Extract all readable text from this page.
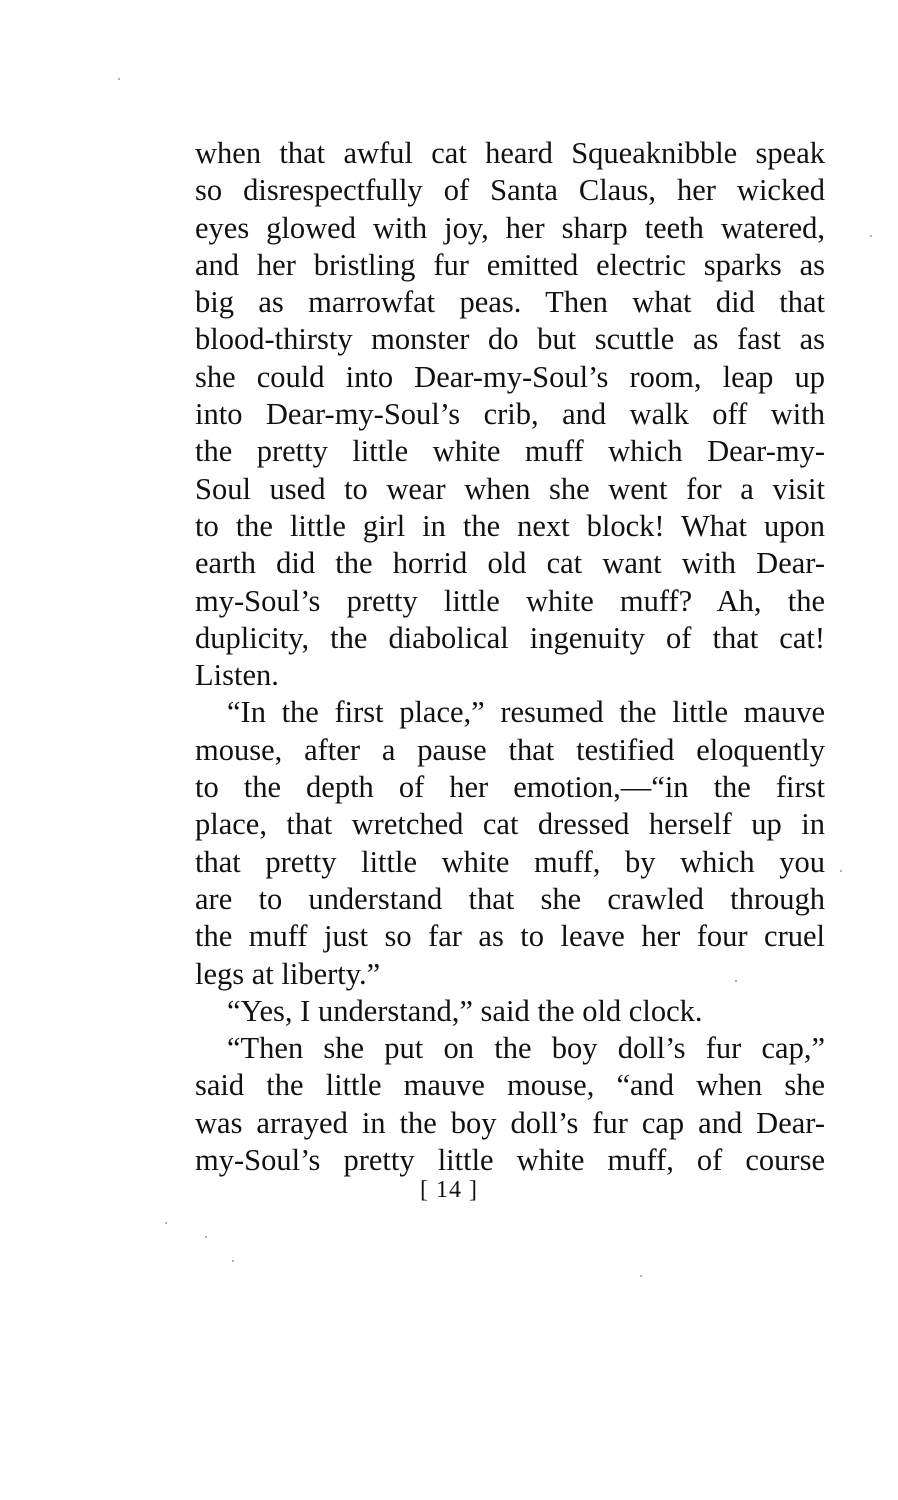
when that awful cat heard Squeaknibble speak
so disrespectfully of Santa Claus, her wicked
eyes glowed with joy, her sharp teeth watered,
and her bristling fur emitted electric sparks as
big as marrowfat peas. Then what did that
blood-thirsty monster do but scuttle as fast as
she could into Dear-my-Soul’s room, leap up
into Dear-my-Soul’s crib, and walk off with
the pretty little white muff which Dear-my-
Soul used to wear when she went for a visit
to the little girl in the next block! What upon
earth did the horrid old cat want with Dear-
my-Soul’s pretty little white muff? Ah, the
duplicity, the diabolical ingenuity of that cat!
Listen.
“In the first place,” resumed the little mauve
mouse, after a pause that testified eloquently
to the depth of her emotion,—“in the first
place, that wretched cat dressed herself up in
that pretty little white muff, by which you
are to understand that she crawled through
the muff just so far as to leave her four cruel
legs at liberty.”
“Yes, I understand,” said the old clock.
“Then she put on the boy doll’s fur cap,”
said the little mauve mouse, “and when she
was arrayed in the boy doll’s fur cap and Dear-
my-Soul’s pretty little white muff, of course
[ 14 ]
